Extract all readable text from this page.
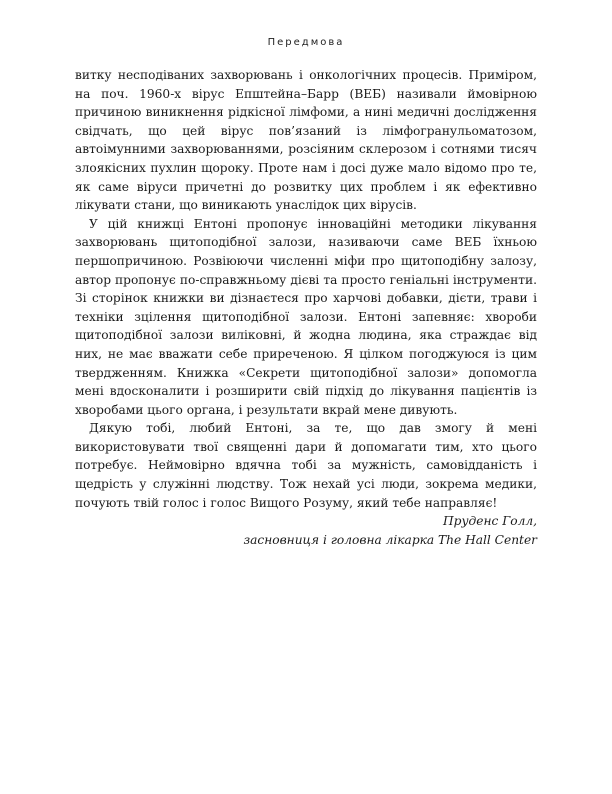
Передмова

витку несподіваних захворювань і онкологічних процесів. Приміром, на поч. 1960-х вірус Епштейна–Барр (ВЕБ) називали ймовірною причиною виникнення рідкісної лімфоми, а нині медичні дослідження свідчать, що цей вірус пов’язаний із лімфогранульоматозом, автоімунними захворюваннями, розсіяним склерозом і сотнями тисяч злоякісних пухлин щороку. Проте нам і досі дуже мало відомо про те, як саме віруси причетні до розвитку цих проблем і як ефективно лікувати стани, що виникають унаслідок цих вірусів.

У цій книжці Ентоні пропонує інноваційні методики лікування захворювань щитоподібної залози, називаючи саме ВЕБ їхньою першопричиною. Розвіюючи численні міфи про щитоподібну залозу, автор пропонує по-справжньому дієві та просто геніальні інструменти. Зі сторінок книжки ви дізнаєтеся про харчові добавки, дієти, трави і техніки зцілення щитоподібної залози. Ентоні запевняє: хвороби щитоподібної залози виліковні, й жодна людина, яка страждає від них, не має вважати себе приреченою. Я цілком погоджуюся із цим твердженням. Книжка «Секрети щитоподібної залози» допомогла мені вдосконалити і розширити свій підхід до лікування пацієнтів із хворобами цього органа, і результати вкрай мене дивують.

Дякую тобі, любий Ентоні, за те, що дав змогу й мені використовувати твої священні дари й допомагати тим, хто цього потребує. Неймовірно вдячна тобі за мужність, самовідданість і щедрість у служінні людству. Тож нехай усі люди, зокрема медики, почують твій голос і голос Вищого Розуму, який тебе направляє!

Пруденс Голл,

засновниця і головна лікарка The Hall Center
